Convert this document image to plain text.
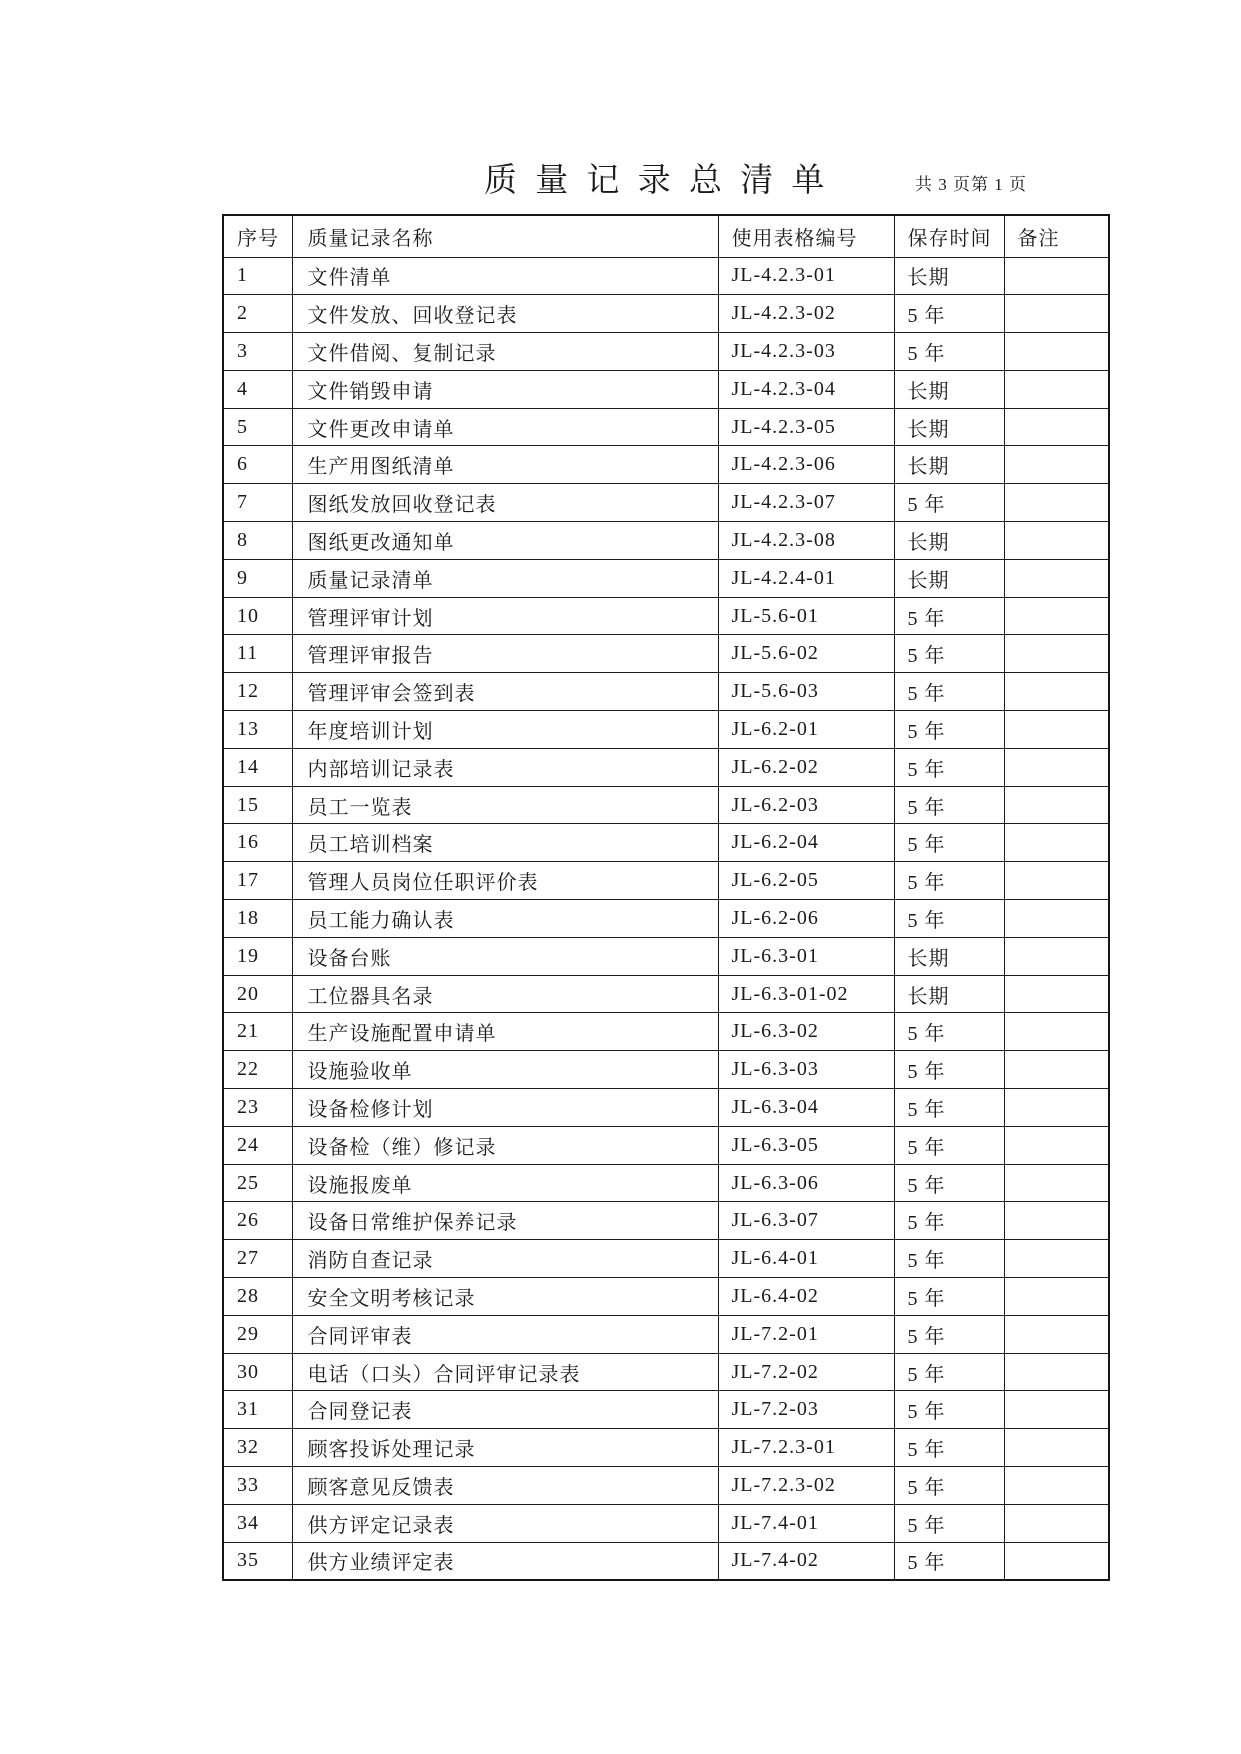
质 量 记 录 总 清 单	共 3 页第 1 页
序号	质量记录名称	使用表格编号	保存时间	备注
1	文件清单	JL-4.2.3-01	长期	
2	文件发放、回收登记表	JL-4.2.3-02	5 年	
3	文件借阅、复制记录	JL-4.2.3-03	5 年	
4	文件销毁申请	JL-4.2.3-04	长期	
5	文件更改申请单	JL-4.2.3-05	长期	
6	生产用图纸清单	JL-4.2.3-06	长期	
7	图纸发放回收登记表	JL-4.2.3-07	5 年	
8	图纸更改通知单	JL-4.2.3-08	长期	
9	质量记录清单	JL-4.2.4-01	长期	
10	管理评审计划	JL-5.6-01	5 年	
11	管理评审报告	JL-5.6-02	5 年	
12	管理评审会签到表	JL-5.6-03	5 年	
13	年度培训计划	JL-6.2-01	5 年	
14	内部培训记录表	JL-6.2-02	5 年	
15	员工一览表	JL-6.2-03	5 年	
16	员工培训档案	JL-6.2-04	5 年	
17	管理人员岗位任职评价表	JL-6.2-05	5 年	
18	员工能力确认表	JL-6.2-06	5 年	
19	设备台账	JL-6.3-01	长期	
20	工位器具名录	JL-6.3-01-02	长期	
21	生产设施配置申请单	JL-6.3-02	5 年	
22	设施验收单	JL-6.3-03	5 年	
23	设备检修计划	JL-6.3-04	5 年	
24	设备检（维）修记录	JL-6.3-05	5 年	
25	设施报废单	JL-6.3-06	5 年	
26	设备日常维护保养记录	JL-6.3-07	5 年	
27	消防自查记录	JL-6.4-01	5 年	
28	安全文明考核记录	JL-6.4-02	5 年	
29	合同评审表	JL-7.2-01	5 年	
30	电话（口头）合同评审记录表	JL-7.2-02	5 年	
31	合同登记表	JL-7.2-03	5 年	
32	顾客投诉处理记录	JL-7.2.3-01	5 年	
33	顾客意见反馈表	JL-7.2.3-02	5 年	
34	供方评定记录表	JL-7.4-01	5 年	
35	供方业绩评定表	JL-7.4-02	5 年	
